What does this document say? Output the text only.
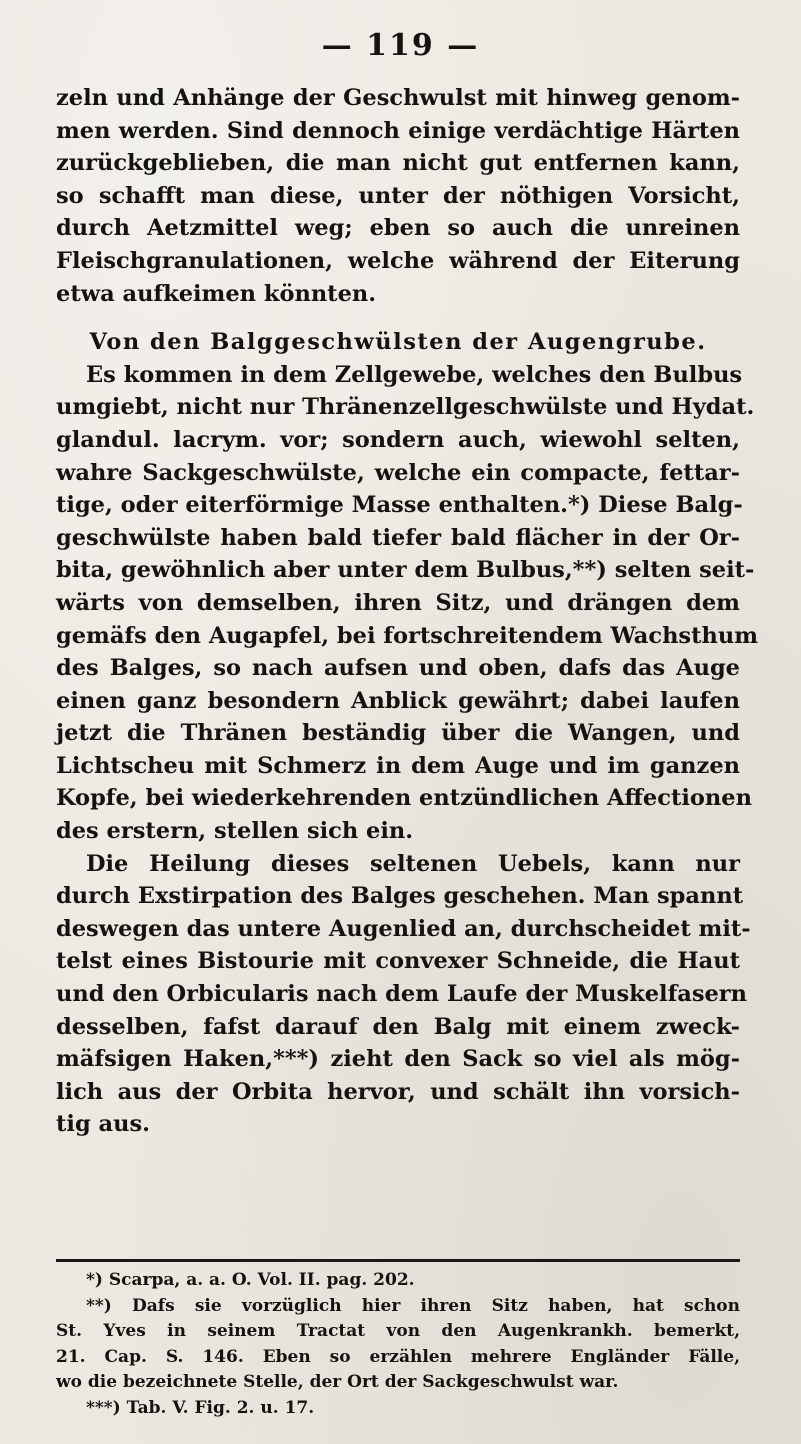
— 119 —
zeln und Anhänge der Geschwulst mit hinweg genom-
men werden. Sind dennoch einige verdächtige Härten
zurückgeblieben, die man nicht gut entfernen kann,
so schafft man diese, unter der nöthigen Vorsicht,
durch Aetzmittel weg; eben so auch die unreinen
Fleischgranulationen, welche während der Eiterung
etwa aufkeimen könnten.
Von den Balggeschwülsten der Augengrube.
Es kommen in dem Zellgewebe, welches den Bulbus
umgiebt, nicht nur Thränenzellgeschwülste und Hydat.
glandul. lacrym. vor; sondern auch, wiewohl selten,
wahre Sackgeschwülste, welche ein compacte, fettar-
tige, oder eiterförmige Masse enthalten.*) Diese Balg-
geschwülste haben bald tiefer bald flächer in der Or-
bita, gewöhnlich aber unter dem Bulbus,**) selten seit-
wärts von demselben, ihren Sitz, und drängen dem
gemäfs den Augapfel, bei fortschreitendem Wachsthum
des Balges, so nach aufsen und oben, dafs das Auge
einen ganz besondern Anblick gewährt; dabei laufen
jetzt die Thränen beständig über die Wangen, und
Lichtscheu mit Schmerz in dem Auge und im ganzen
Kopfe, bei wiederkehrenden entzündlichen Affectionen
des erstern, stellen sich ein.
Die Heilung dieses seltenen Uebels, kann nur
durch Exstirpation des Balges geschehen. Man spannt
deswegen das untere Augenlied an, durchscheidet mit-
telst eines Bistourie mit convexer Schneide, die Haut
und den Orbicularis nach dem Laufe der Muskelfasern
desselben, fafst darauf den Balg mit einem zweck-
mäfsigen Haken,***) zieht den Sack so viel als mög-
lich aus der Orbita hervor, und schält ihn vorsich-
tig aus.
*) Scarpa, a. a. O. Vol. II. pag. 202.
**) Dafs sie vorzüglich hier ihren Sitz haben, hat schon
St. Yves in seinem Tractat von den Augenkrankh. bemerkt,
21. Cap. S. 146. Eben so erzählen mehrere Engländer Fälle,
wo die bezeichnete Stelle, der Ort der Sackgeschwulst war.
***) Tab. V. Fig. 2. u. 17.
